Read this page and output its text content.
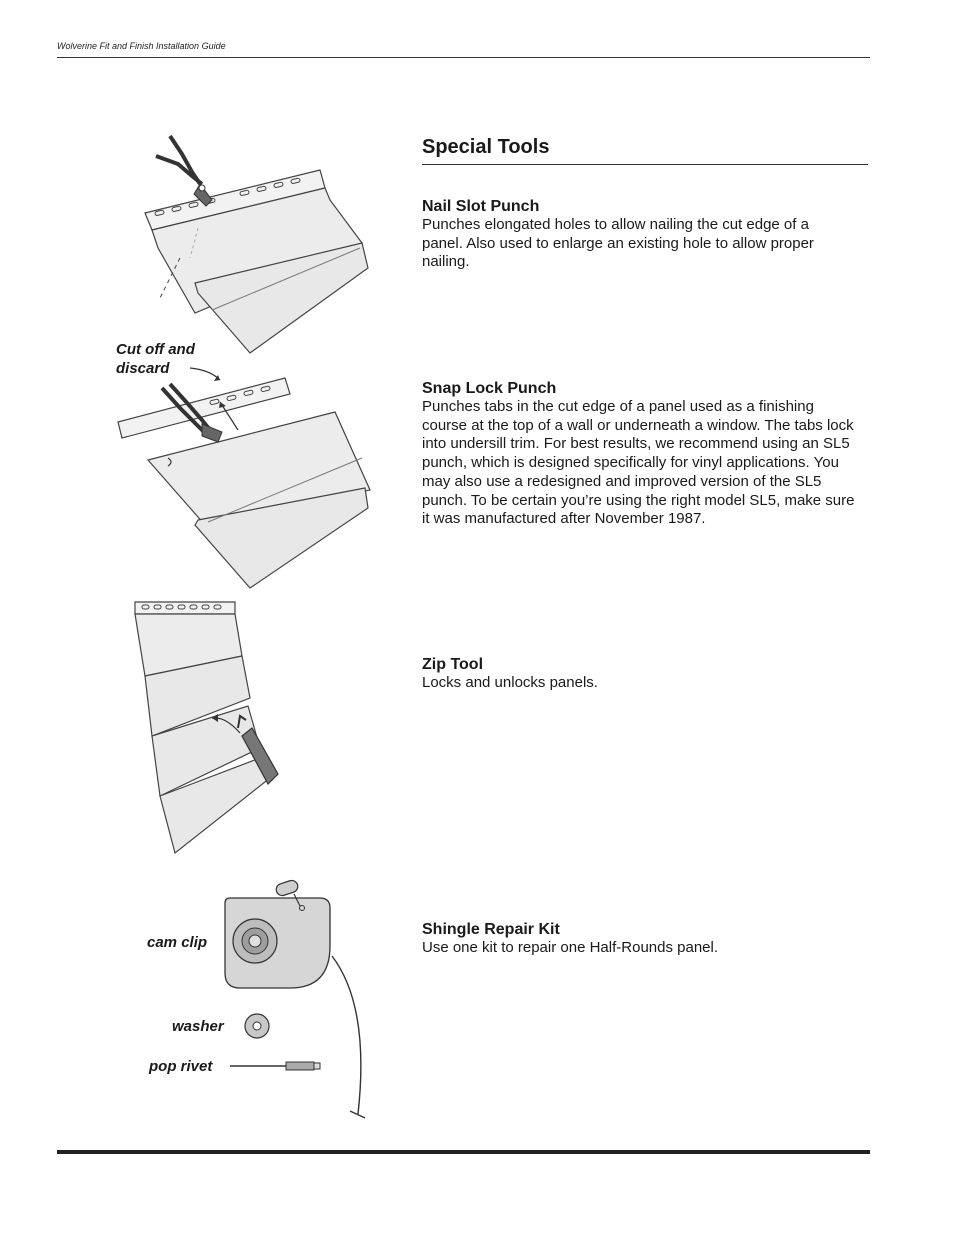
Wolverine Fit and Finish Installation Guide
Special Tools
Nail Slot Punch

Punches elongated holes to allow nailing the cut edge of a panel. Also used to enlarge an existing hole to allow proper nailing.

Snap Lock Punch

Punches tabs in the cut edge of a panel used as a finishing course at the top of a wall or underneath a window. The tabs lock into undersill trim. For best results, we recommend using an SL5 punch, which is designed specifically for vinyl applications. You may also use a redesigned and improved version of the SL5 punch. To be certain you’re using the right model SL5, make sure it was manufactured after November 1987.

Zip Tool

Locks and unlocks panels.

Shingle Repair Kit

Use one kit to repair one Half-Rounds panel.

Cut off and
discard
cam clip
washer
pop rivet
